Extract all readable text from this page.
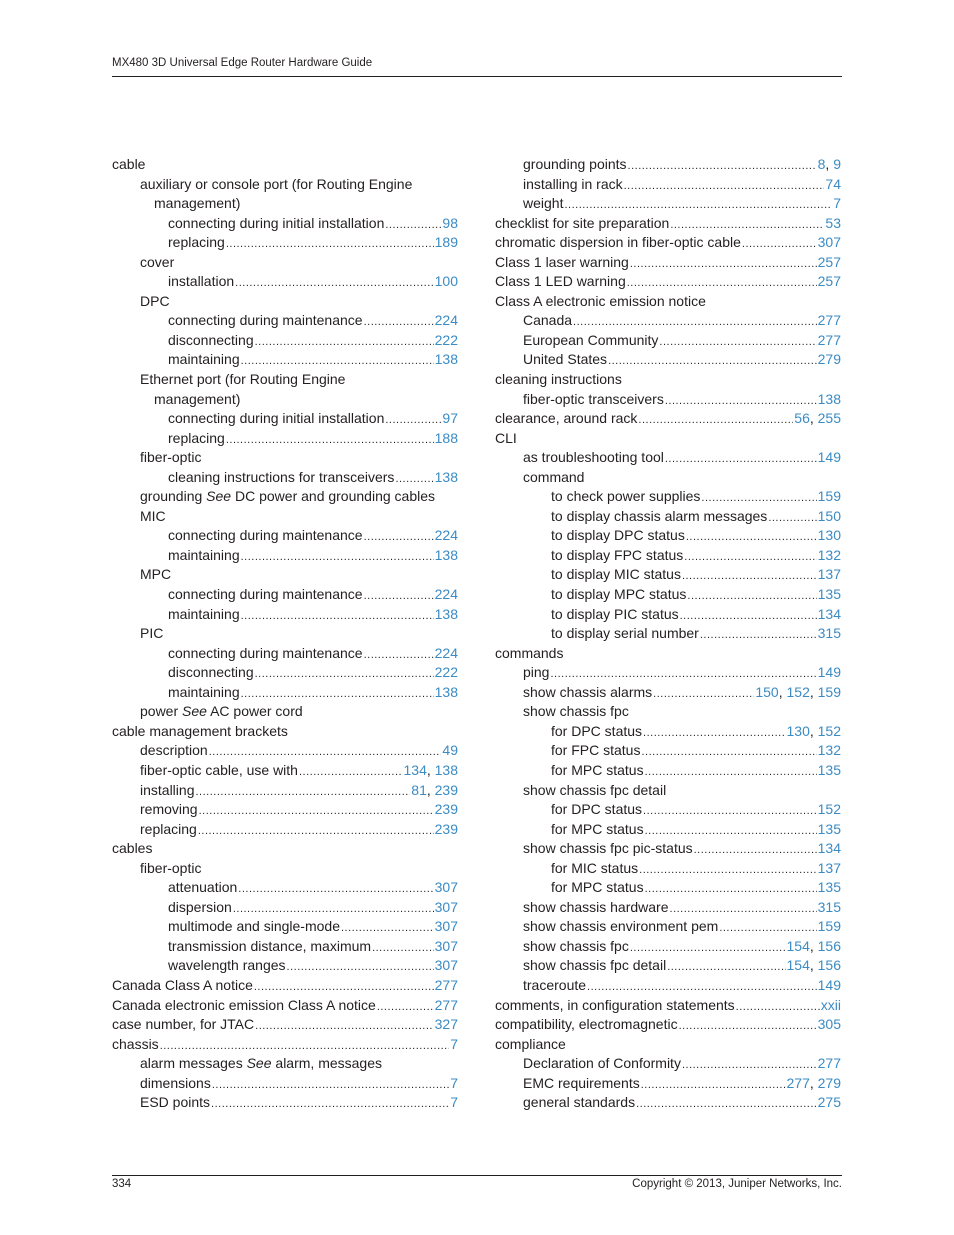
MX480 3D Universal Edge Router Hardware Guide
cable
auxiliary or console port (for Routing Engine
management)
connecting during initial installation .....	98
replacing .....	189
cover
installation .....	100
DPC
connecting during maintenance .....	224
disconnecting .....	222
maintaining .....	138
Ethernet port (for Routing Engine
management)
connecting during initial installation .....	97
replacing .....	188
fiber-optic
cleaning instructions for transceivers .....	138
grounding See DC power and grounding cables
MIC
connecting during maintenance .....	224
maintaining .....	138
MPC
connecting during maintenance .....	224
maintaining .....	138
PIC
connecting during maintenance .....	224
disconnecting .....	222
maintaining .....	138
power See AC power cord
cable management brackets
description .....	49
fiber-optic cable, use with .....	134, 138
installing .....	81, 239
removing .....	239
replacing .....	239
cables
fiber-optic
attenuation .....	307
dispersion .....	307
multimode and single-mode .....	307
transmission distance, maximum .....	307
wavelength ranges .....	307
Canada Class A notice .....	277
Canada electronic emission Class A notice .....	277
case number, for JTAC .....	327
chassis .....	7
alarm messages See alarm, messages
dimensions .....	7
ESD points .....	7
grounding points .....	8, 9
installing in rack .....	74
weight .....	7
checklist for site preparation .....	53
chromatic dispersion in fiber-optic cable .....	307
Class 1 laser warning .....	257
Class 1 LED warning .....	257
Class A electronic emission notice
Canada .....	277
European Community .....	277
United States .....	279
cleaning instructions
fiber-optic transceivers .....	138
clearance, around rack .....	56, 255
CLI
as troubleshooting tool .....	149
command
to check power supplies .....	159
to display chassis alarm messages .....	150
to display DPC status .....	130
to display FPC status .....	132
to display MIC status .....	137
to display MPC status .....	135
to display PIC status .....	134
to display serial number .....	315
commands
ping .....	149
show chassis alarms .....	150, 152, 159
show chassis fpc
for DPC status .....	130, 152
for FPC status .....	132
for MPC status .....	135
show chassis fpc detail
for DPC status .....	152
for MPC status .....	135
show chassis fpc pic-status .....	134
for MIC status .....	137
for MPC status .....	135
show chassis hardware .....	315
show chassis environment pem .....	159
show chassis fpc .....	154, 156
show chassis fpc detail .....	154, 156
traceroute .....	149
comments, in configuration statements .....	xxii
compatibility, electromagnetic .....	305
compliance
Declaration of Conformity .....	277
EMC requirements .....	277, 279
general standards .....	275
334	Copyright © 2013, Juniper Networks, Inc.
